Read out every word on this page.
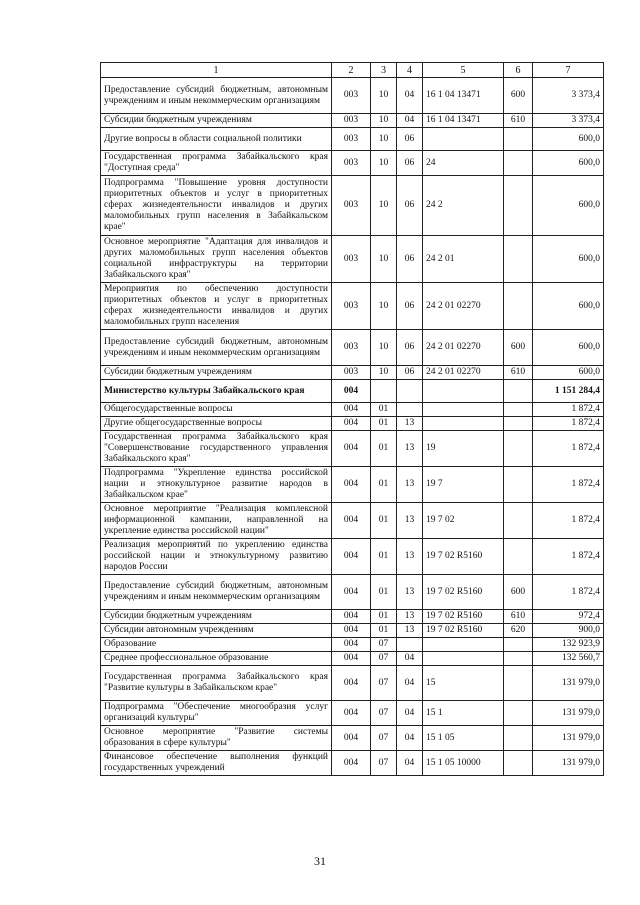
1	2	3	4	5	6	7
Предоставление субсидий бюджетным, автономным учреждениям и иным некоммерческим организациям	003	10	04	16 1 04 13471	600	3 373,4
Субсидии бюджетным учреждениям	003	10	04	16 1 04 13471	610	3 373,4
Другие вопросы в области социальной политики	003	10	06			600,0
Государственная программа Забайкальского края "Доступная среда"	003	10	06	24		600,0
Подпрограмма "Повышение уровня доступности приоритетных объектов и услуг в приоритетных сферах жизнедеятельности инвалидов и других маломобильных групп населения в Забайкальском крае"	003	10	06	24 2		600,0
Основное мероприятие "Адаптация для инвалидов и других маломобильных групп населения объектов социальной инфраструктуры на территории Забайкальского края"	003	10	06	24 2 01		600,0
Мероприятия по обеспечению доступности приоритетных объектов и услуг в приоритетных сферах жизнедеятельности инвалидов и других маломобильных групп населения	003	10	06	24 2 01 02270		600,0
Предоставление субсидий бюджетным, автономным учреждениям и иным некоммерческим организациям	003	10	06	24 2 01 02270	600	600,0
Субсидии бюджетным учреждениям	003	10	06	24 2 01 02270	610	600,0
Министерство культуры Забайкальского края	004					1 151 284,4
Общегосударственные вопросы	004	01				1 872,4
Другие общегосударственные вопросы	004	01	13			1 872,4
Государственная программа Забайкальского края "Совершенствование государственного управления Забайкальского края"	004	01	13	19		1 872,4
Подпрограмма "Укрепление единства российской нации и этнокультурное развитие народов в Забайкальском крае"	004	01	13	19 7		1 872,4
Основное мероприятие "Реализация комплексной информационной кампании, направленной на укрепление единства российской нации"	004	01	13	19 7 02		1 872,4
Реализация мероприятий по укреплению единства российской нации и этнокультурному развитию народов России	004	01	13	19 7 02 R5160		1 872,4
Предоставление субсидий бюджетным, автономным учреждениям и иным некоммерческим организациям	004	01	13	19 7 02 R5160	600	1 872,4
Субсидии бюджетным учреждениям	004	01	13	19 7 02 R5160	610	972,4
Субсидии автономным учреждениям	004	01	13	19 7 02 R5160	620	900,0
Образование	004	07				132 923,9
Среднее профессиональное образование	004	07	04			132 560,7
Государственная программа Забайкальского края "Развитие культуры в Забайкальском крае"	004	07	04	15		131 979,0
Подпрограмма "Обеспечение многообразия услуг организаций культуры"	004	07	04	15 1		131 979,0
Основное мероприятие "Развитие системы образования в сфере культуры"	004	07	04	15 1 05		131 979,0
Финансовое обеспечение выполнения функций государственных учреждений	004	07	04	15 1 05 10000		131 979,0
31
